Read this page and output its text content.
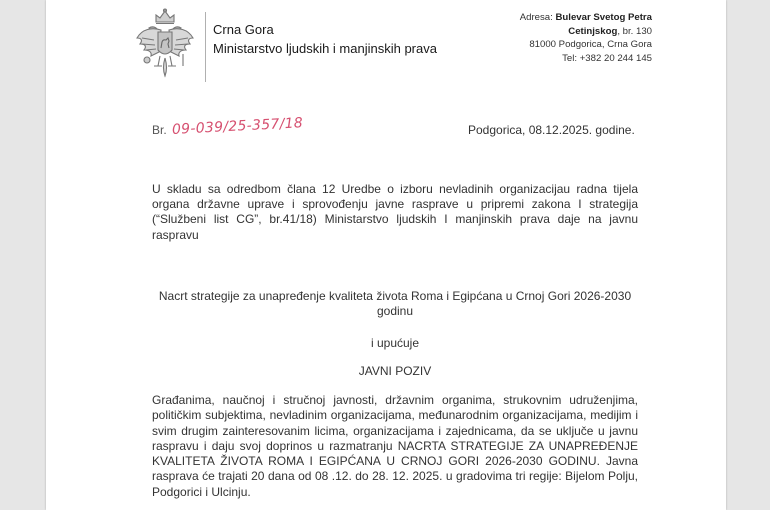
Crna Gora
Ministarstvo ljudskih i manjinskih prava
Adresa: Bulevar Svetog Petra
Cetinjskog, br. 130
81000 Podgorica, Crna Gora
Tel: +382 20 244 145
Br. 09-039/25-357/18	Podgorica, 08.12.2025. godine.
U skladu sa odredbom člana 12 Uredbe o izboru nevladinih organizacijau radna tijela organa državne uprave i sprovođenju javne rasprave u pripremi zakona I strategija (“Službeni list CG”, br.41/18) Ministarstvo ljudskih I manjinskih prava daje na javnu raspravu
Nacrt strategije za unapređenje kvaliteta života Roma i Egipćana u Crnoj Gori 2026-2030 godinu
i upućuje
JAVNI POZIV
Građanima, naučnoj i stručnoj javnosti, državnim organima, strukovnim udruženjima, političkim subjektima, nevladinim organizacijama, međunarodnim organizacijama, medijim i svim drugim zainteresovanim licima, organizacijama i zajednicama, da se uključe u javnu raspravu i daju svoj doprinos u razmatranju NACRTA STRATEGIJE ZA UNAPREĐENJE KVALITETA ŽIVOTA ROMA I EGIPĆANA U CRNOJ GORI 2026-2030 GODINU. Javna rasprava će trajati 20 dana od 08 .12. do 28. 12. 2025. u gradovima tri regije: Bijelom Polju, Podgorici i Ulcinju.
